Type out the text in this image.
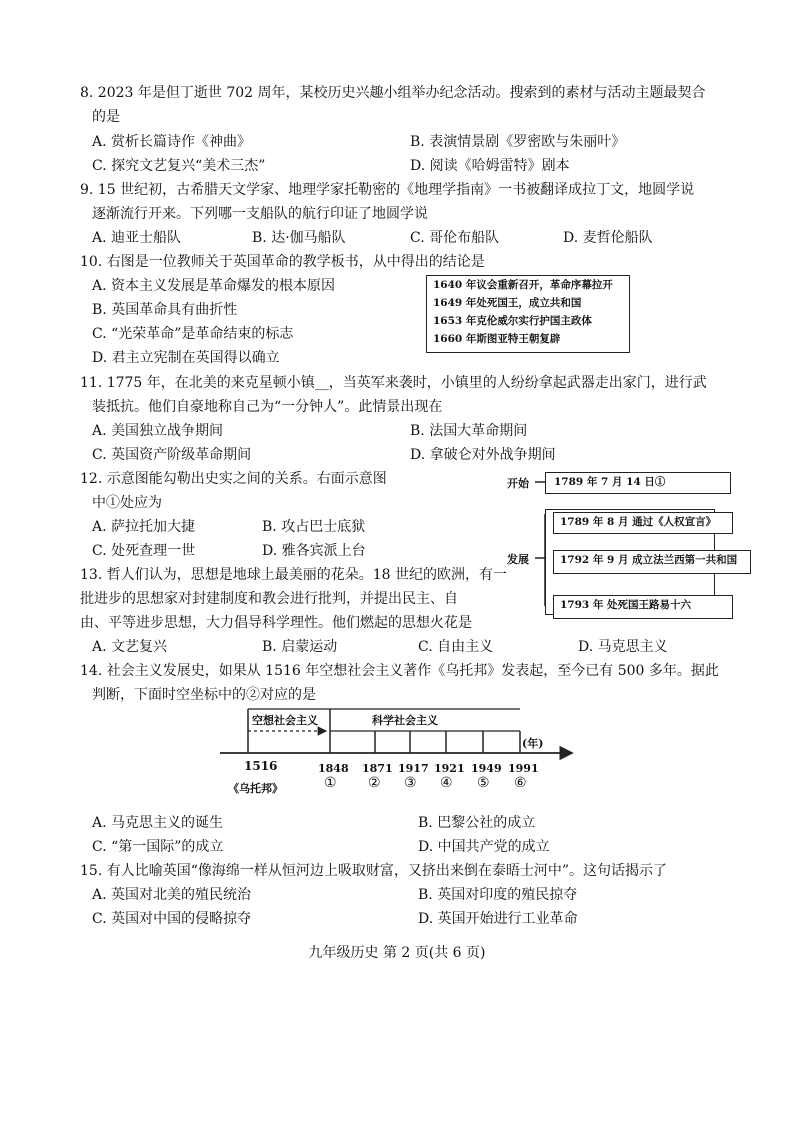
8. 2023 年是但丁逝世 702 周年，某校历史兴趣小组举办纪念活动。搜索到的素材与活动主题最契合
的是
A. 赏析长篇诗作《神曲》	B. 表演情景剧《罗密欧与朱丽叶》
C. 探究文艺复兴“美术三杰”	D. 阅读《哈姆雷特》剧本
9. 15 世纪初，古希腊天文学家、地理学家托勒密的《地理学指南》一书被翻译成拉丁文，地圆学说
逐渐流行开来。下列哪一支船队的航行印证了地圆学说
A. 迪亚士船队	B. 达·伽马船队	C. 哥伦布船队	D. 麦哲伦船队
10. 右图是一位教师关于英国革命的教学板书，从中得出的结论是
A. 资本主义发展是革命爆发的根本原因
B. 英国革命具有曲折性
C. “光荣革命”是革命结束的标志
D. 君主立宪制在英国得以确立
1640 年议会重新召开，革命序幕拉开
1649 年处死国王，成立共和国
1653 年克伦威尔实行护国主政体
1660 年斯图亚特王朝复辟
11. 1775 年，在北美的来克星顿小镇__，当英军来袭时，小镇里的人纷纷拿起武器走出家门，进行武
装抵抗。他们自豪地称自己为“一分钟人”。此情景出现在
A. 美国独立战争期间	B. 法国大革命期间
C. 英国资产阶级革命期间	D. 拿破仑对外战争期间
12. 示意图能勾勒出史实之间的关系。右面示意图
中①处应为
A. 萨拉托加大捷	B. 攻占巴士底狱
C. 处死查理一世	D. 雅各宾派上台
开始
发展
1789 年 7 月 14 日①
1789 年 8 月 通过《人权宣言》
1792 年 9 月 成立法兰西第一共和国
1793 年 处死国王路易十六
13. 哲人们认为，思想是地球上最美丽的花朵。18 世纪的欧洲，有一
批进步的思想家对封建制度和教会进行批判，并提出民主、自
由、平等进步思想，大力倡导科学理性。他们燃起的思想火花是
A. 文艺复兴	B. 启蒙运动	C. 自由主义	D. 马克思主义
14. 社会主义发展史，如果从 1516 年空想社会主义著作《乌托邦》发表起，至今已有 500 多年。据此
判断，下面时空坐标中的②对应的是
空想社会主义	科学社会主义
(年)
1516
《乌托邦》
1848 1871 1917 1921 1949 1991
① ② ③ ④ ⑤ ⑥
A. 马克思主义的诞生	B. 巴黎公社的成立
C. “第一国际”的成立	D. 中国共产党的成立
15. 有人比喻英国“像海绵一样从恒河边上吸取财富，又挤出来倒在泰晤士河中”。这句话揭示了
A. 英国对北美的殖民统治	B. 英国对印度的殖民掠夺
C. 英国对中国的侵略掠夺	D. 英国开始进行工业革命
九年级历史 第 2 页(共 6 页)
